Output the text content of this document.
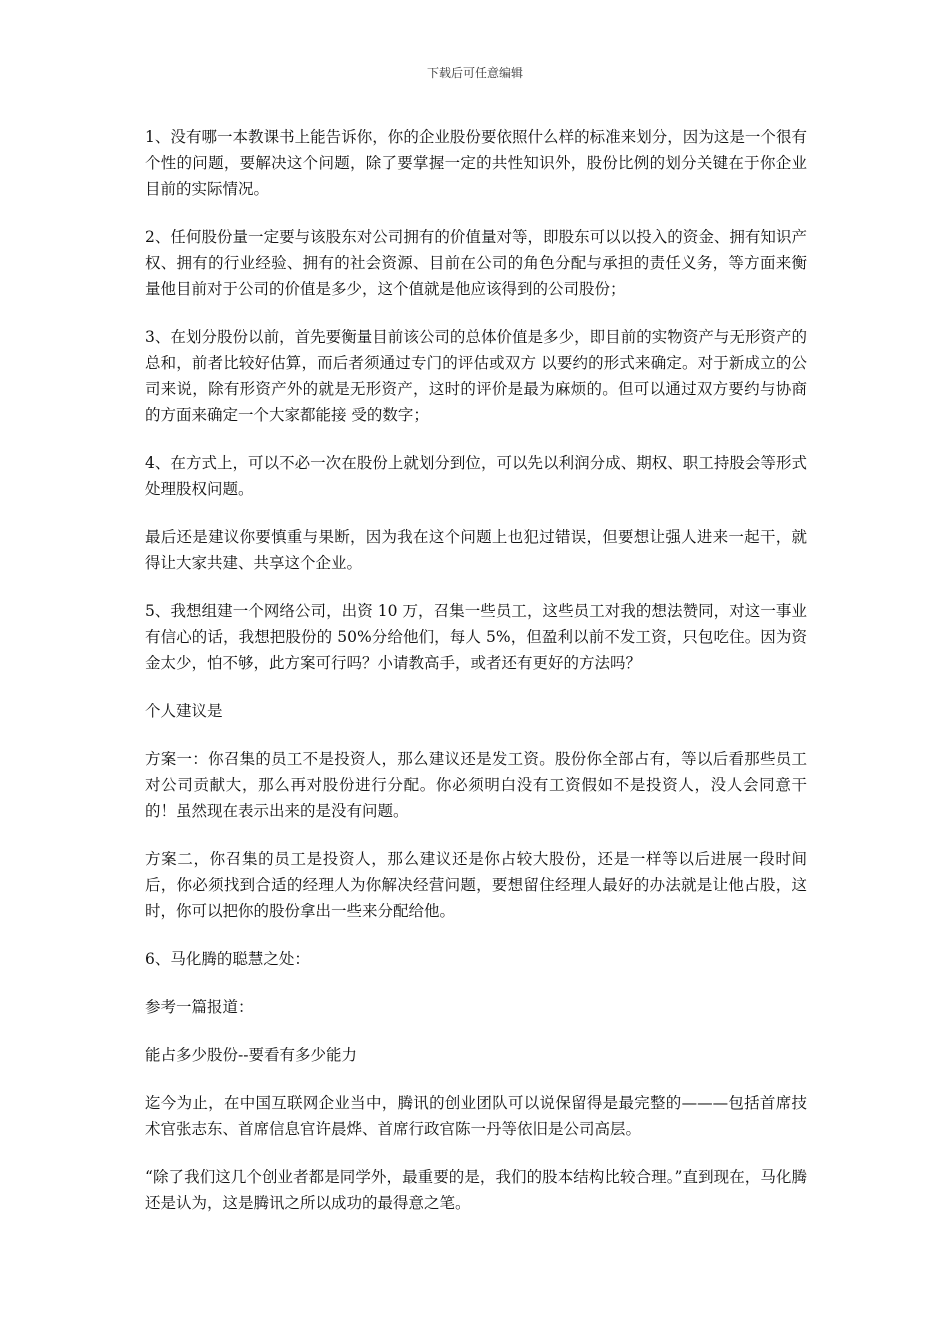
下载后可任意编辑

1、没有哪一本教课书上能告诉你，你的企业股份要依照什么样的标准来划分，因为这是一个很有个性的问题，要解决这个问题，除了要掌握一定的共性知识外，股份比例的划分关键在于你企业目前的实际情况。

2、任何股份量一定要与该股东对公司拥有的价值量对等，即股东可以以投入的资金、拥有知识产权、拥有的行业经验、拥有的社会资源、目前在公司的角色分配与承担的责任义务，等方面来衡量他目前对于公司的价值是多少，这个值就是他应该得到的公司股份；

3、在划分股份以前，首先要衡量目前该公司的总体价值是多少，即目前的实物资产与无形资产的总和，前者比较好估算，而后者须通过专门的评估或双方 以要约的形式来确定。对于新成立的公司来说，除有形资产外的就是无形资产，这时的评价是最为麻烦的。但可以通过双方要约与协商的方面来确定一个大家都能接 受的数字；

4、在方式上，可以不必一次在股份上就划分到位，可以先以利润分成、期权、职工持股会等形式处理股权问题。

最后还是建议你要慎重与果断，因为我在这个问题上也犯过错误，但要想让强人进来一起干，就得让大家共建、共享这个企业。

5、我想组建一个网络公司，出资 10 万，召集一些员工，这些员工对我的想法赞同，对这一事业有信心的话，我想把股份的 50%分给他们，每人 5%，但盈利以前不发工资，只包吃住。因为资金太少，怕不够，此方案可行吗？小请教高手，或者还有更好的方法吗？

个人建议是

方案一：你召集的员工不是投资人，那么建议还是发工资。股份你全部占有，等以后看那些员工对公司贡献大，那么再对股份进行分配。你必须明白没有工资假如不是投资人，没人会同意干的！虽然现在表示出来的是没有问题。

方案二，你召集的员工是投资人，那么建议还是你占较大股份，还是一样等以后进展一段时间后，你必须找到合适的经理人为你解决经营问题，要想留住经理人最好的办法就是让他占股，这时，你可以把你的股份拿出一些来分配给他。

6、马化腾的聪慧之处：

参考一篇报道：

能占多少股份--要看有多少能力

迄今为止，在中国互联网企业当中，腾讯的创业团队可以说保留得是最完整的———包括首席技术官张志东、首席信息官许晨烨、首席行政官陈一丹等依旧是公司高层。

“除了我们这几个创业者都是同学外，最重要的是，我们的股本结构比较合理。”直到现在，马化腾还是认为，这是腾讯之所以成功的最得意之笔。
